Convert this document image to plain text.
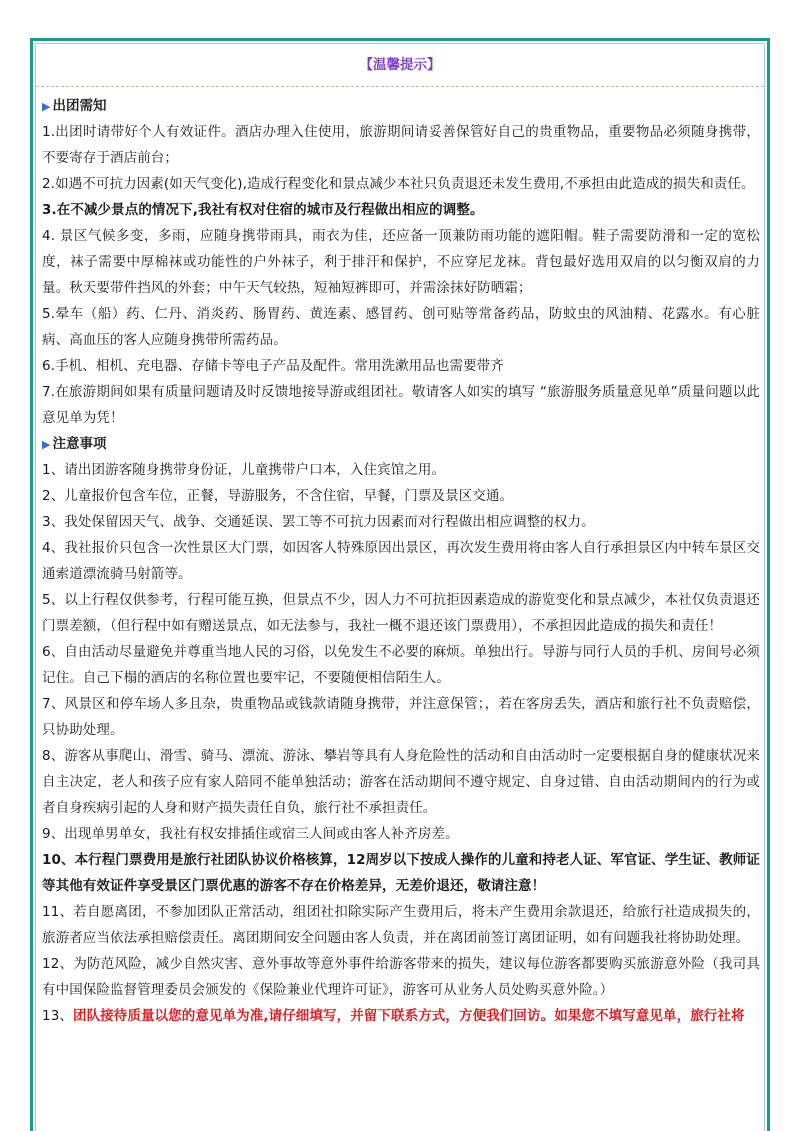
【温馨提示】
▶ 出团需知

1.出团时请带好个人有效证件。酒店办理入住使用，旅游期间请妥善保管好自己的贵重物品，重要物品必须随身携带，不要寄存于酒店前台；

2.如遇不可抗力因素(如天气变化),造成行程变化和景点减少本社只负责退还未发生费用,不承担由此造成的损失和责任。

3.在不减少景点的情况下,我社有权对住宿的城市及行程做出相应的调整。

4. 景区气候多变，多雨，应随身携带雨具，雨衣为佳，还应备一顶兼防雨功能的遮阳帽。鞋子需要防滑和一定的宽松度，袜子需要中厚棉袜或功能性的户外袜子，利于排汗和保护，不应穿尼龙袜。背包最好选用双肩的以匀衡双肩的力量。秋天要带件挡风的外套；中午天气较热，短袖短裤即可，并需涂抹好防晒霜；

5.晕车（船）药、仁丹、消炎药、肠胃药、黄连素、感冒药、创可贴等常备药品，防蚊虫的风油精、花露水。有心脏病、高血压的客人应随身携带所需药品。

6.手机、相机、充电器、存储卡等电子产品及配件。常用洗漱用品也需要带齐

7.在旅游期间如果有质量问题请及时反馈地接导游或组团社。敬请客人如实的填写 “旅游服务质量意见单”质量问题以此意见单为凭！

▶ 注意事项

1、请出团游客随身携带身份证，儿童携带户口本，入住宾馆之用。

2、儿童报价包含车位，正餐，导游服务，不含住宿，早餐，门票及景区交通。

3、我处保留因天气、战争、交通延误、罢工等不可抗力因素而对行程做出相应调整的权力。

4、我社报价只包含一次性景区大门票，如因客人特殊原因出景区，再次发生费用将由客人自行承担景区内中转车景区交通索道漂流骑马射箭等。

5、以上行程仅供参考，行程可能互换，但景点不少，因人力不可抗拒因素造成的游览变化和景点减少，本社仅负责退还门票差额，（但行程中如有赠送景点，如无法参与，我社一概不退还该门票费用），不承担因此造成的损失和责任！

6、自由活动尽量避免并尊重当地人民的习俗，以免发生不必要的麻烦。单独出行。导游与同行人员的手机、房间号必须记住。自己下榻的酒店的名称位置也要牢记，不要随便相信陌生人。

7、风景区和停车场人多且杂，贵重物品或钱款请随身携带，并注意保管；，若在客房丢失，酒店和旅行社不负责赔偿，只协助处理。

8、游客从事爬山、滑雪、骑马、漂流、游泳、攀岩等具有人身危险性的活动和自由活动时一定要根据自身的健康状况来自主决定，老人和孩子应有家人陪同不能单独活动；游客在活动期间不遵守规定、自身过错、自由活动期间内的行为或者自身疾病引起的人身和财产损失责任自负，旅行社不承担责任。

9、出现单男单女，我社有权安排插住或宿三人间或由客人补齐房差。

10、本行程门票费用是旅行社团队协议价格核算，12周岁以下按成人操作的儿童和持老人证、军官证、学生证、教师证等其他有效证件享受景区门票优惠的游客不存在价格差异，无差价退还，敬请注意！

11、若自愿离团，不参加团队正常活动，组团社扣除实际产生费用后，将未产生费用余款退还，给旅行社造成损失的，旅游者应当依法承担赔偿责任。离团期间安全问题由客人负责，并在离团前签订离团证明，如有问题我社将协助处理。

12、为防范风险，减少自然灾害、意外事故等意外事件给游客带来的损失，建议每位游客都要购买旅游意外险（我司具有中国保险监督管理委员会颁发的《保险兼业代理许可证》，游客可从业务人员处购买意外险。）

13、团队接待质量以您的意见单为准,请仔细填写，并留下联系方式，方便我们回访。如果您不填写意见单，旅行社将
